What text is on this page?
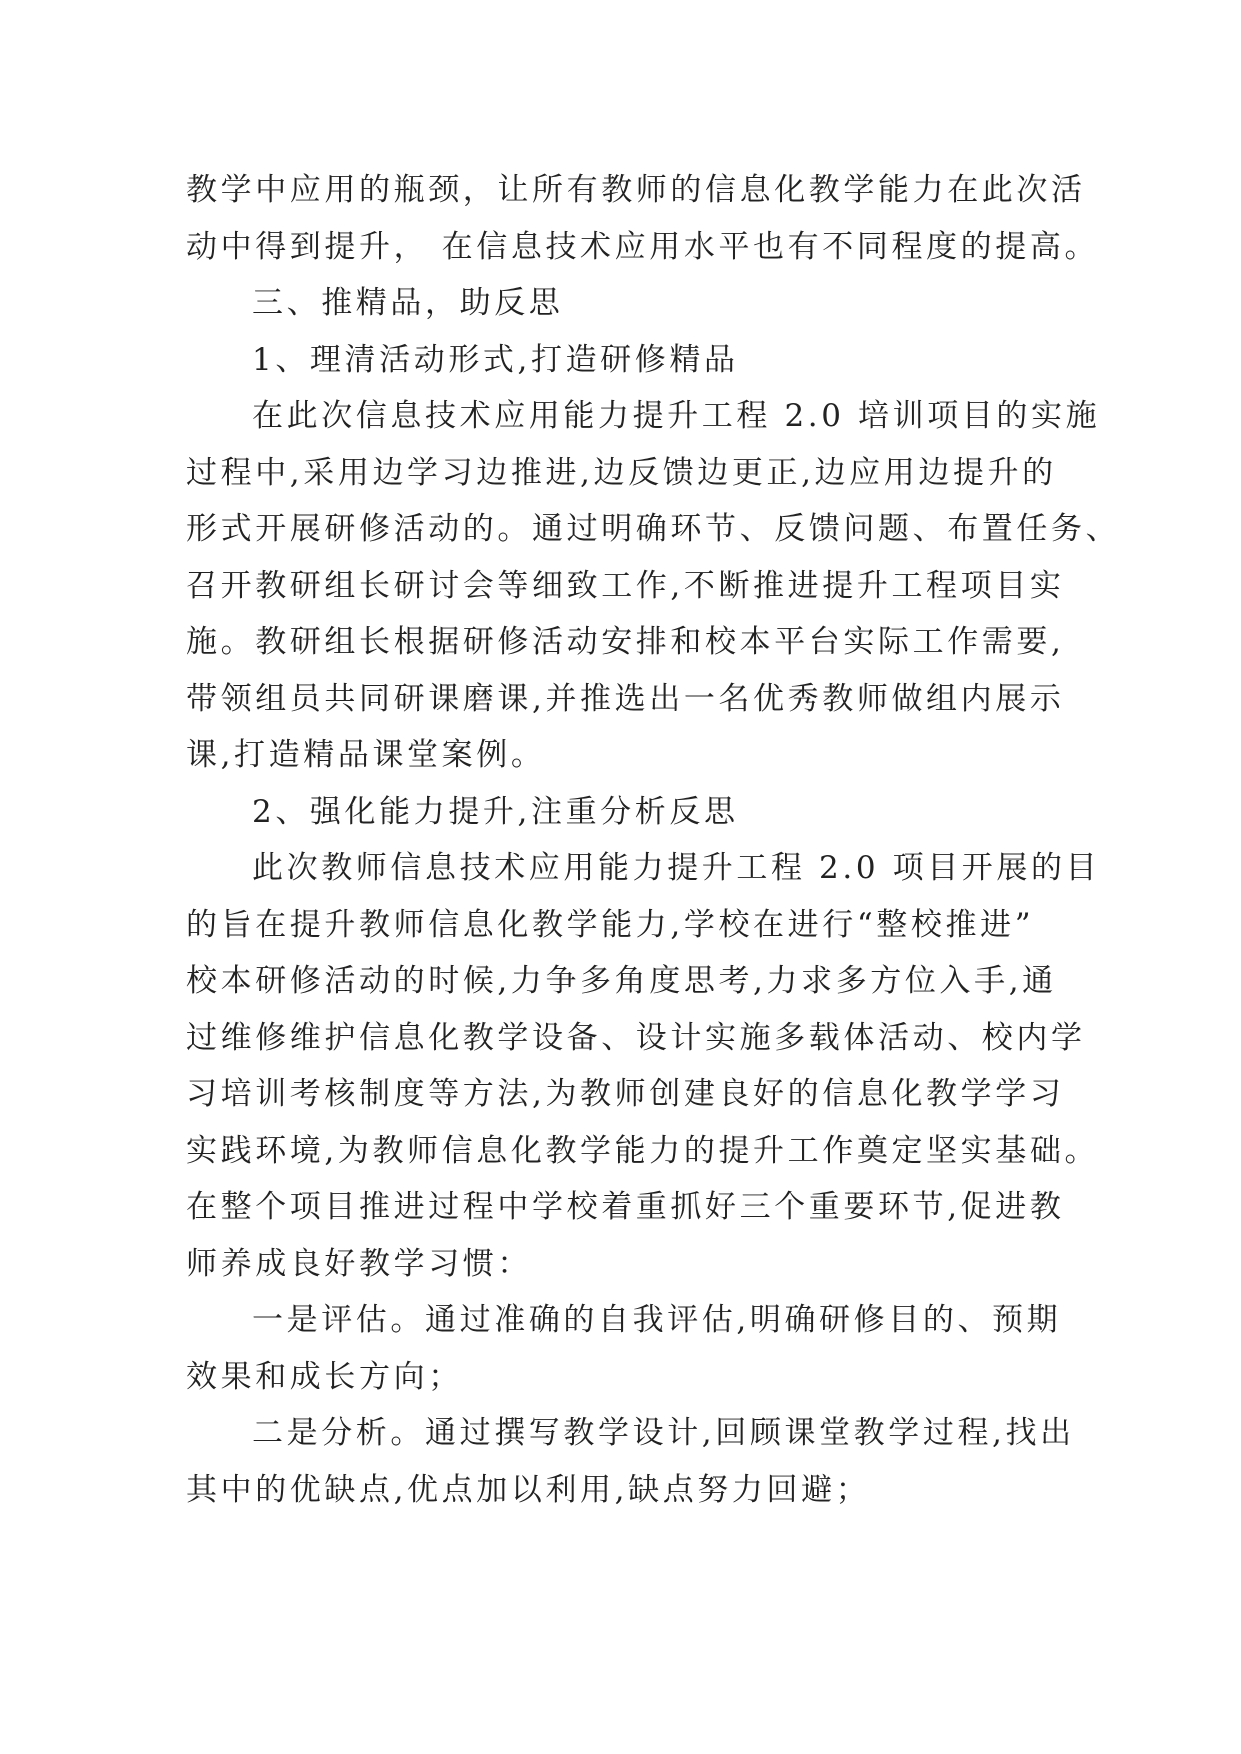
教学中应用的瓶颈，让所有教师的信息化教学能力在此次活
动中得到提升， 在信息技术应用水平也有不同程度的提高。
三、推精品，助反思
1、理清活动形式,打造研修精品
在此次信息技术应用能力提升工程 2.0 培训项目的实施
过程中,采用边学习边推进,边反馈边更正,边应用边提升的
形式开展研修活动的。通过明确环节、反馈问题、布置任务、
召开教研组长研讨会等细致工作,不断推进提升工程项目实
施。教研组长根据研修活动安排和校本平台实际工作需要,
带领组员共同研课磨课,并推选出一名优秀教师做组内展示
课,打造精品课堂案例。
2、强化能力提升,注重分析反思
此次教师信息技术应用能力提升工程 2.0 项目开展的目
的旨在提升教师信息化教学能力,学校在进行“整校推进”
校本研修活动的时候,力争多角度思考,力求多方位入手,通
过维修维护信息化教学设备、设计实施多载体活动、校内学
习培训考核制度等方法,为教师创建良好的信息化教学学习
实践环境,为教师信息化教学能力的提升工作奠定坚实基础。
在整个项目推进过程中学校着重抓好三个重要环节,促进教
师养成良好教学习惯：
一是评估。通过准确的自我评估,明确研修目的、预期
效果和成长方向；
二是分析。通过撰写教学设计,回顾课堂教学过程,找出
其中的优缺点,优点加以利用,缺点努力回避；
